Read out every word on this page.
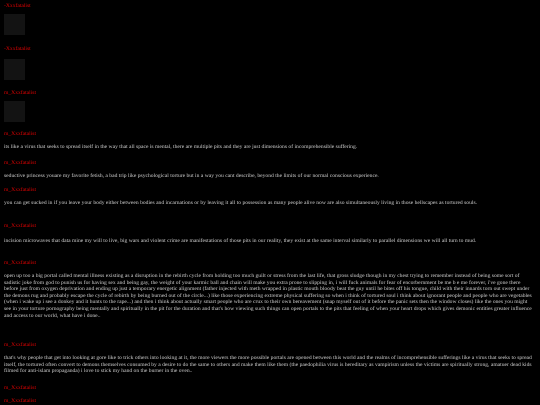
-Xxxfatalist
-Xxxfatalist
m_Xxxfatalist
m_Xxxfatalist
its like a virus that seeks to spread itself in the way that all space is mental, there are multiple pits and they are just dimensions of incomprehensible suffering.
m_Xxxfatalist
seductive princess youare my favorite fetish, a bad trip like psychological torture but in a way you cant describe, beyond the limits of our normal conscious experience.
m_Xxxfatalist
you can get sucked in if you leave your body either between bodies and incarnations or by leaving it all to possession as many people alive now are also simultaneously living in those hellscapes as tortured souls.
m_Xxxfatalist
incision microwaves that data mine my will to live, big wars and violent crime are manifestations of those pits in our reality, they exist at the same interval similarly to parallel dimensions we will all turn to mud.
m_Xxxfatalist
open up too a big portal called mental illness existing as a disruption in the rebirth cycle from holding too much guilt or stress from the last life, that gross sludge though in my chest trying to remember instead of being some sort of sadistic joke from god to punish us for having sex and being gay, the weight of your karmic ball and chain will make you extra prone to slipping in, i will fuck animals for fear of encorbernment be me b e me forever, i've gone there before just from oxygen deprivation and ending up just a temporary energetic alignment (father injected with meth wrapped in plastic mouth bloody beat the guy until he bites off his tongue, child with their innards torn out swept under the demons rug and probably escape the cycle of rebirth by being burned out of the circle...) like those experiencing extreme physical suffering so when i think of tortured soul i think about ignorant people and people who are vegetables (when i wake up i see a donkey and it hunts to the rape...) and then i think about actually smart people who are crux to their own bereavement (snap myself out of it before the panic sets then the window closes) like the ones you might see in your torture pornography being mentally and spiritually in the pit for the duration and that's how viewing such things can open portals to the pits that feeling of when your heart drops which gives demonic entities greater influence and access to our world, what have i done..
m_Xxxfatalist
that's why people that get into looking at gore like to trick others into looking at it, the more viewers the more possible portals are opened between this world and the realms of incomprehensible sufferings like a virus that seeks to spread itself, the tortured often convert to demons themselves consumed by a desire to do the same to others and make them like them (the paedophilia virus is hereditary as vampirism unless the victims are spiritually strong, amatuer dead kids filmed for anti-islam propaganda) i love to stick my hand on the burner in the oven..
m_Xxxfatalist
m_Xxxfatalist
